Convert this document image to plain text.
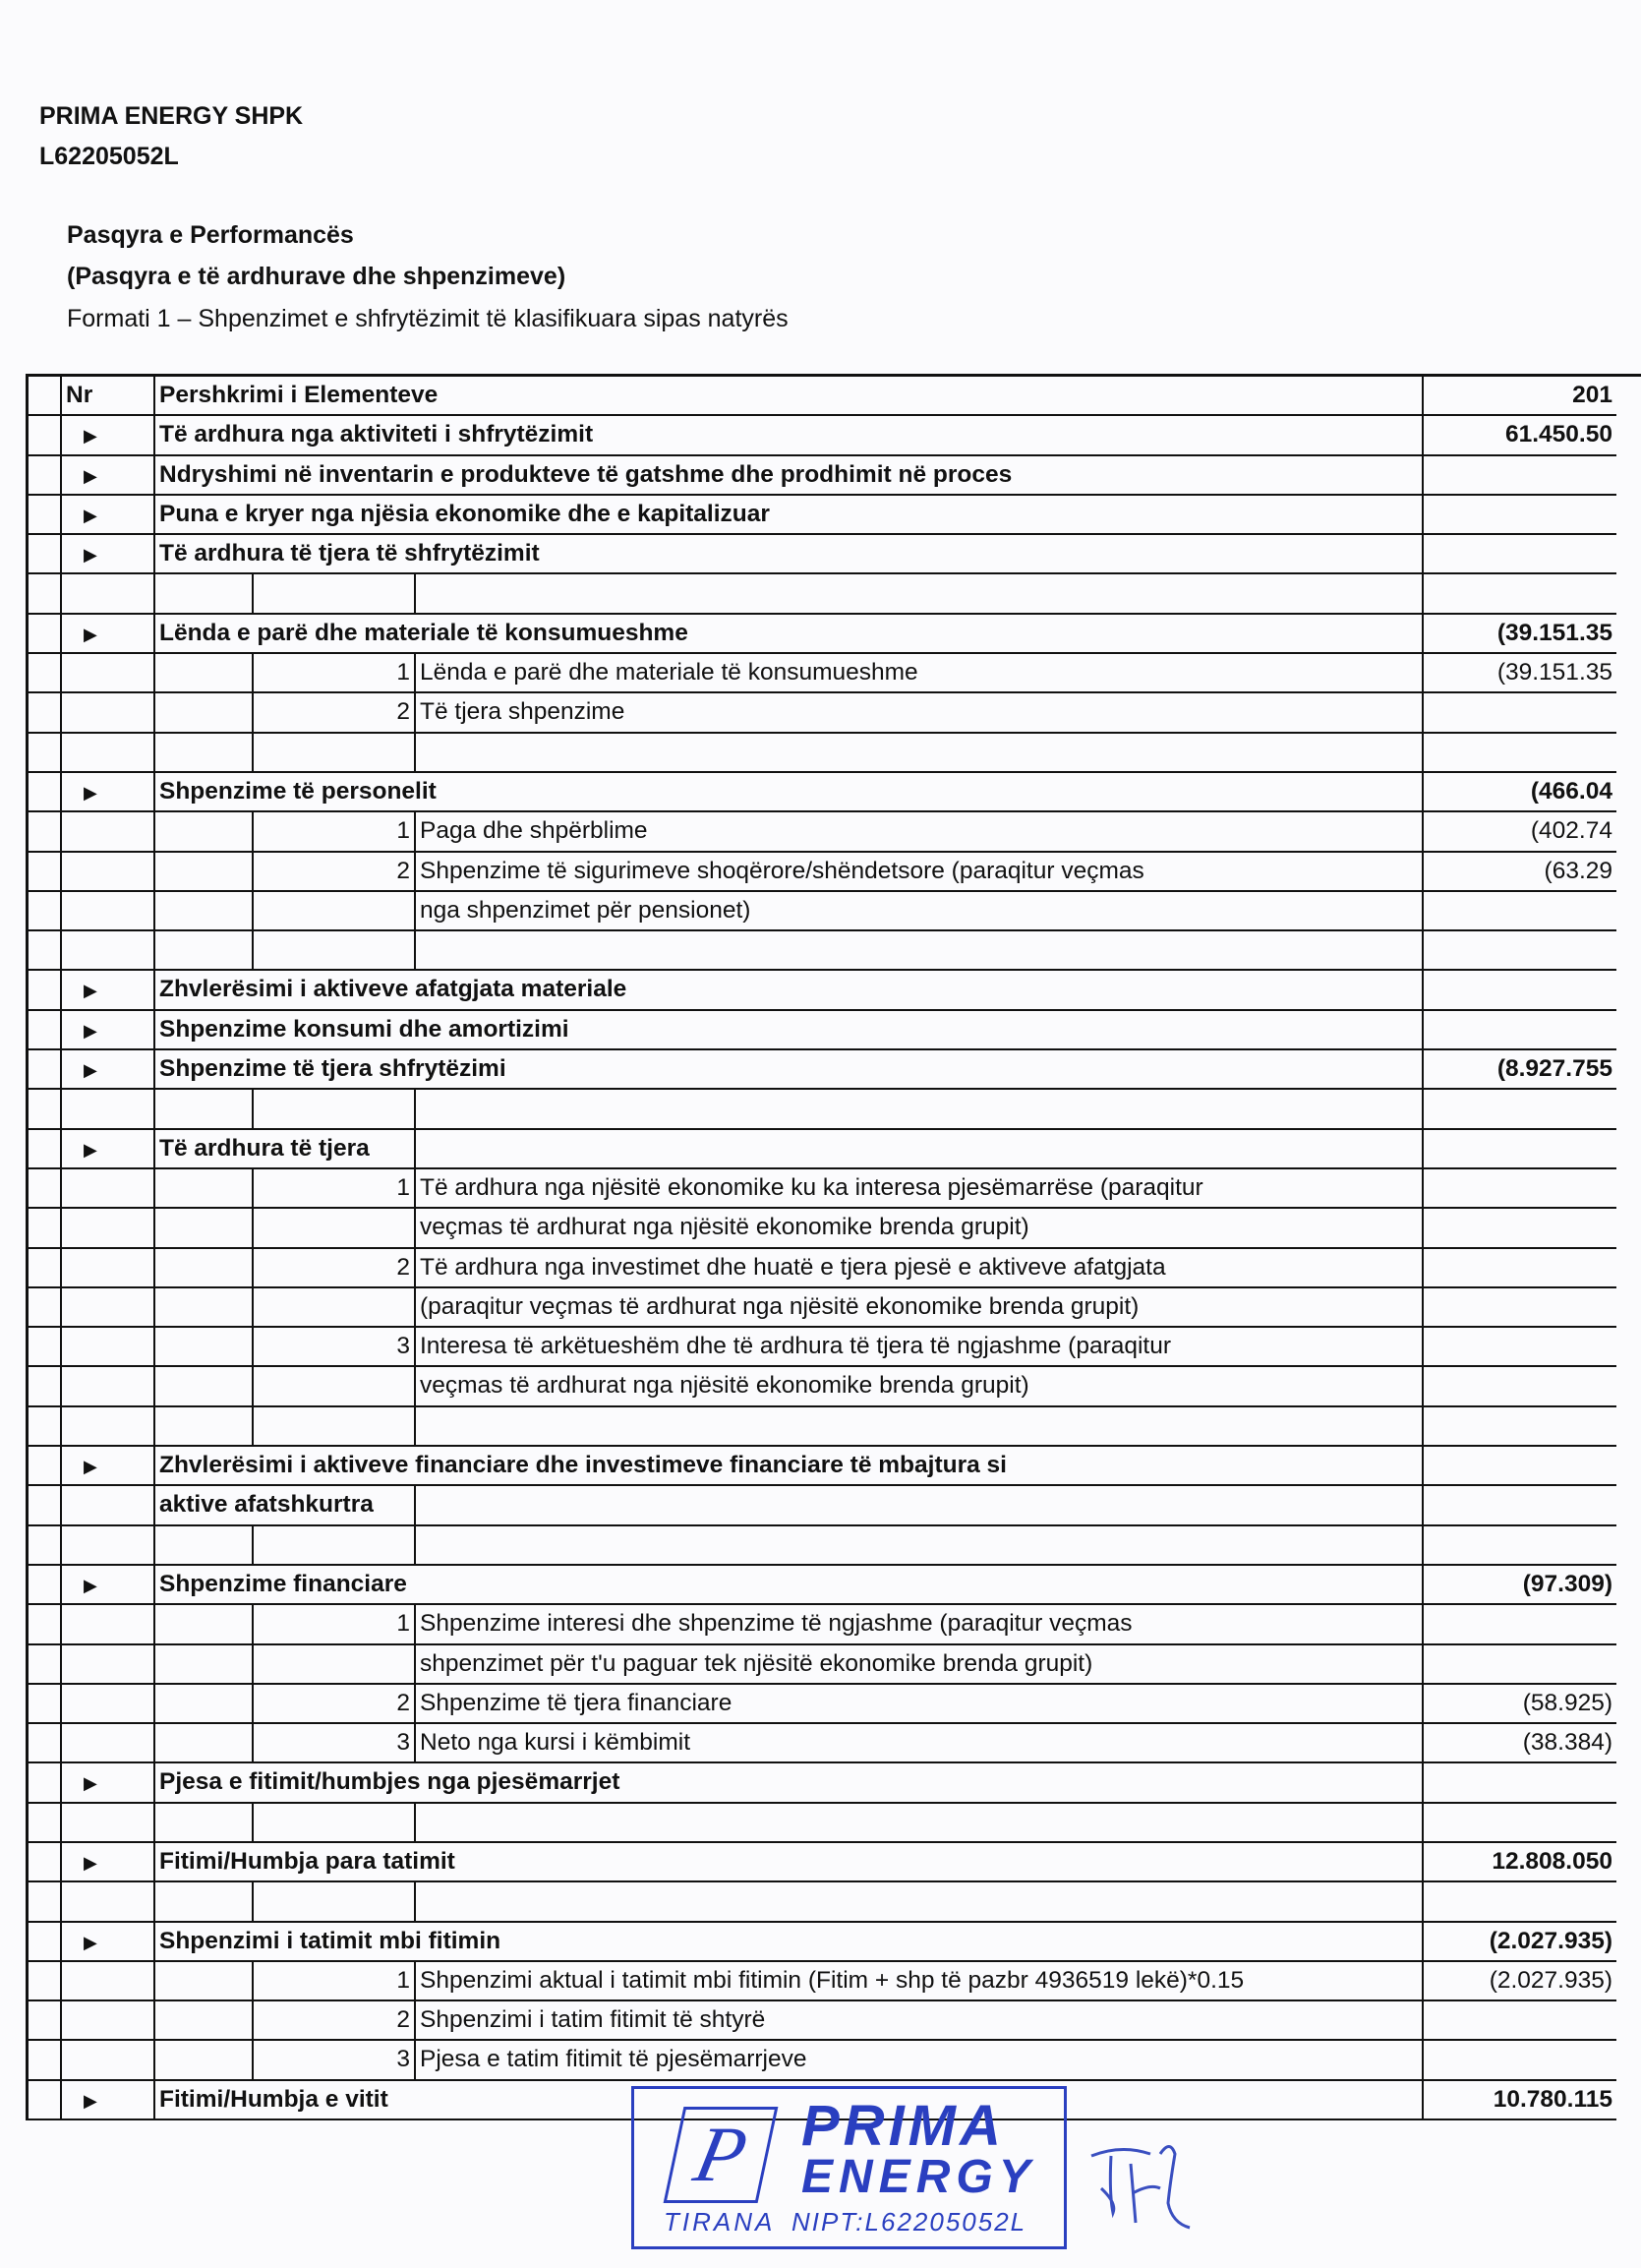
PRIMA ENERGY SHPK
L62205052L
Pasqyra e Performancës
(Pasqyra e të ardhurave dhe shpenzimeve)
Formati 1 – Shpenzimet e shfrytëzimit të klasifikuara sipas natyrës
Nr	Pershkrimi i Elementeve	201
▶	Të ardhura nga aktiviteti i shfrytëzimit	61.450.50
▶	Ndryshimi në inventarin e produkteve të gatshme dhe prodhimit në proces
▶	Puna e kryer nga njësia ekonomike dhe e kapitalizuar
▶	Të ardhura të tjera të shfrytëzimit
▶	Lënda e parë dhe materiale të konsumueshme	(39.151.35
1 Lënda e parë dhe materiale të konsumueshme	(39.151.35
2 Të tjera shpenzime
▶	Shpenzime të personelit	(466.04
1 Paga dhe shpërblime	(402.74
2 Shpenzime të sigurimeve shoqërore/shëndetsore (paraqitur veçmas	(63.29
nga shpenzimet për pensionet)
▶	Zhvlerësimi i aktiveve afatgjata materiale
▶	Shpenzime konsumi dhe amortizimi
▶	Shpenzime të tjera shfrytëzimi	(8.927.755
▶	Të ardhura të tjera
1 Të ardhura nga njësitë ekonomike ku ka interesa pjesëmarrëse (paraqitur
veçmas të ardhurat nga njësitë ekonomike brenda grupit)
2 Të ardhura nga investimet dhe huatë e tjera pjesë e aktiveve afatgjata
(paraqitur veçmas të ardhurat nga njësitë ekonomike brenda grupit)
3 Interesa të arkëtueshëm dhe të ardhura të tjera të ngjashme (paraqitur
veçmas të ardhurat nga njësitë ekonomike brenda grupit)
▶	Zhvlerësimi i aktiveve financiare dhe investimeve financiare të mbajtura si
aktive afatshkurtra
▶	Shpenzime financiare	(97.309)
1 Shpenzime interesi dhe shpenzime të ngjashme (paraqitur veçmas
shpenzimet për t'u paguar tek njësitë ekonomike brenda grupit)
2 Shpenzime të tjera financiare	(58.925)
3 Neto nga kursi i këmbimit	(38.384)
▶	Pjesa e fitimit/humbjes nga pjesëmarrjet
▶	Fitimi/Humbja para tatimit	12.808.050
▶	Shpenzimi i tatimit mbi fitimin	(2.027.935)
1 Shpenzimi aktual i tatimit mbi fitimin (Fitim + shp të pazbr 4936519 lekë)*0.15	(2.027.935)
2 Shpenzimi i tatim fitimit të shtyrë
3 Pjesa e tatim fitimit të pjesëmarrjeve
▶	Fitimi/Humbja e vitit	10.780.115
P PRIMA
ENERGY
TIRANA NIPT:L62205052L
